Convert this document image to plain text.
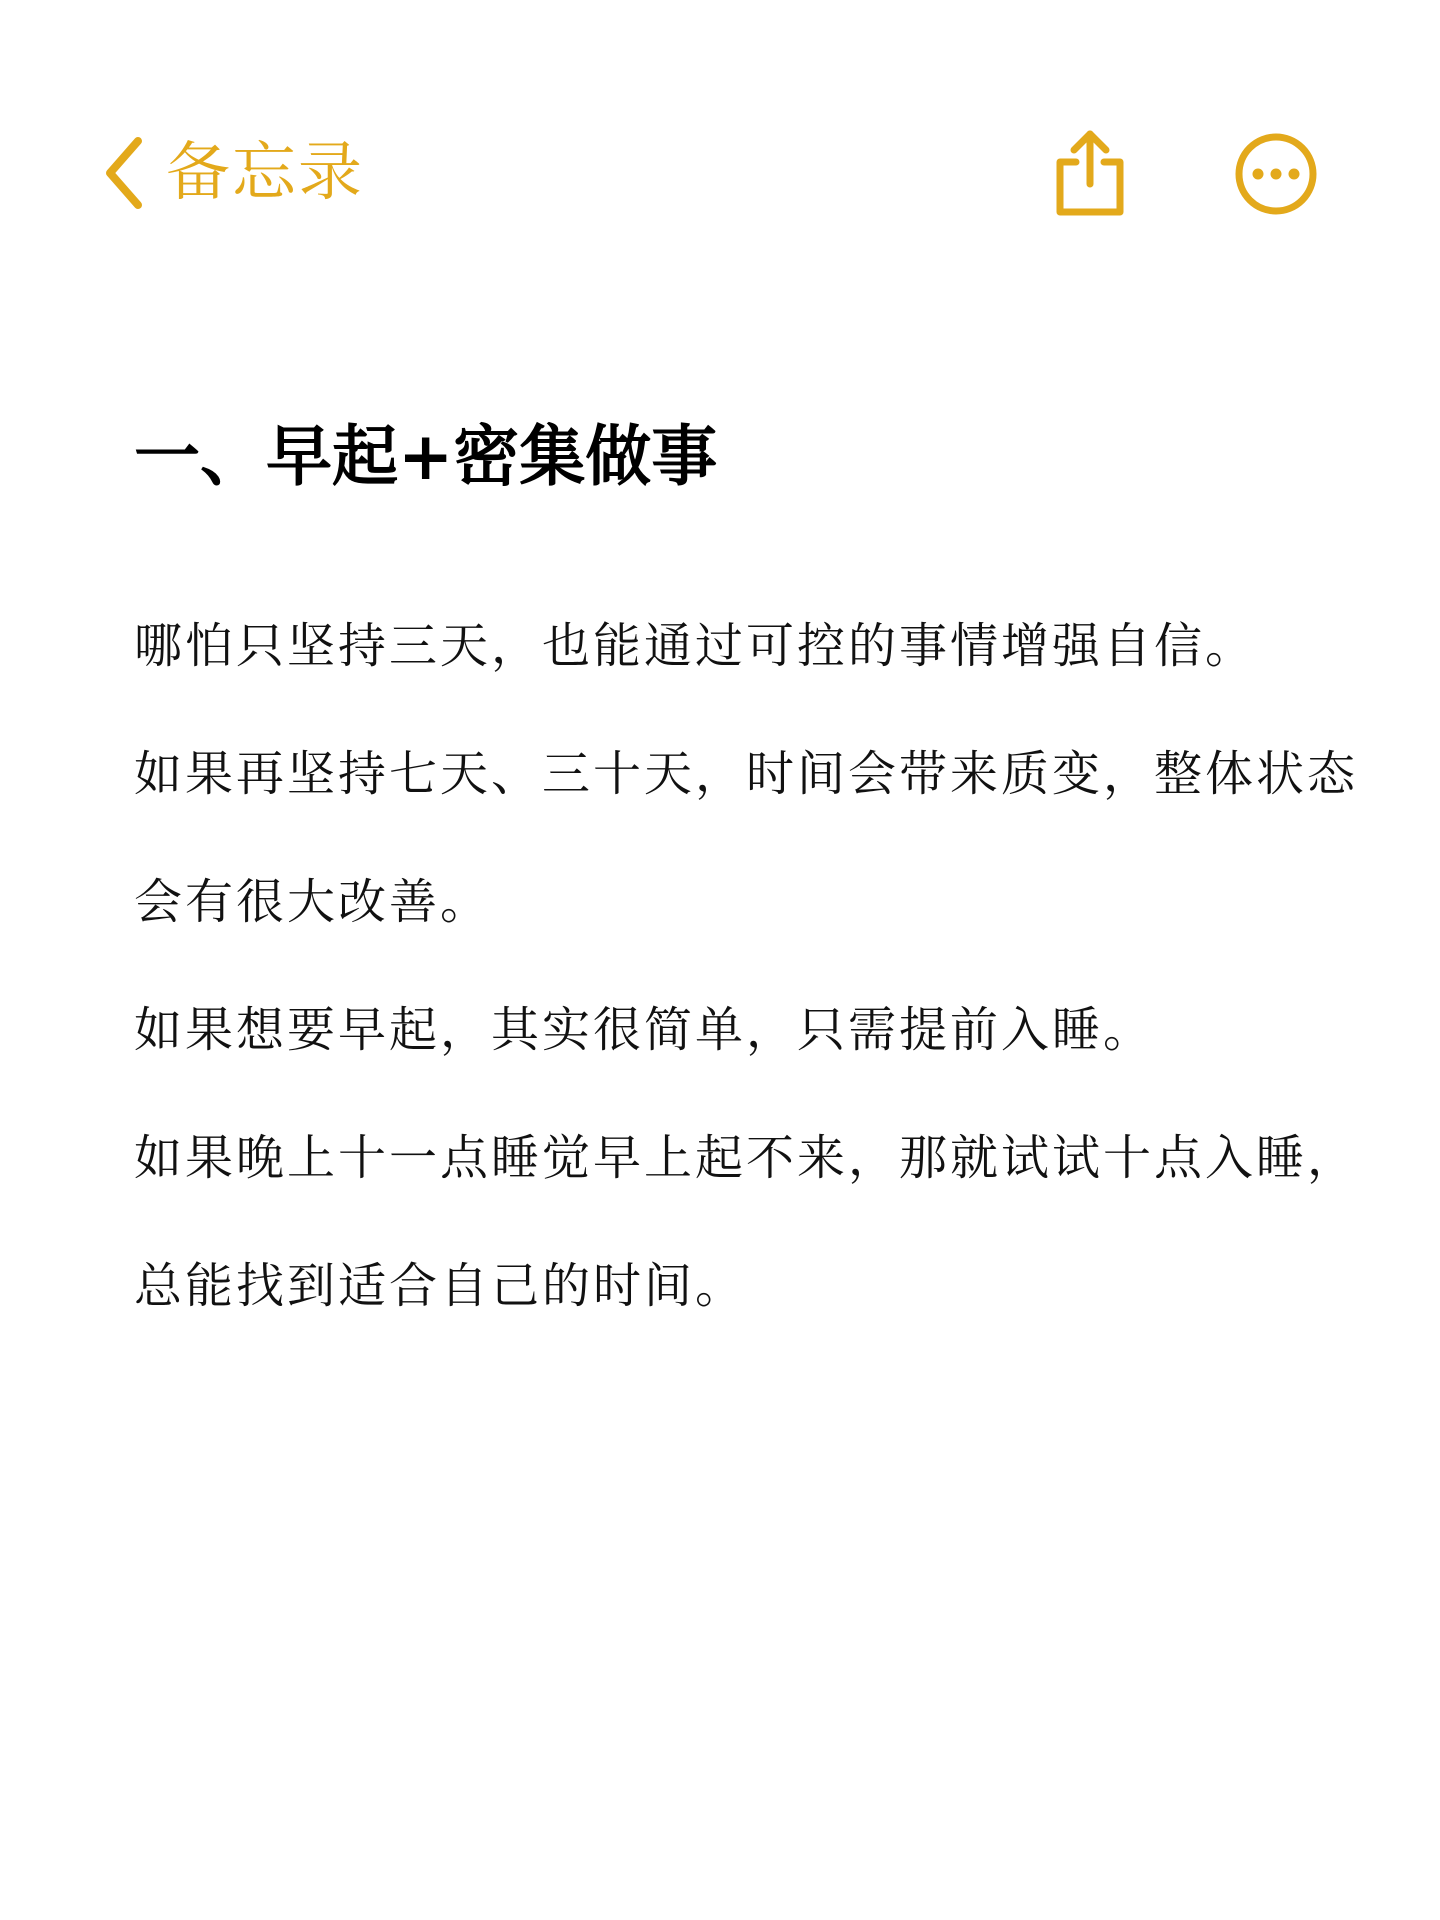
备忘录
一、早起+密集做事

哪怕只坚持三天，也能通过可控的事情增强自信。

如果再坚持七天、三十天，时间会带来质变，整体状态会有很大改善。

如果想要早起，其实很简单，只需提前入睡。

如果晚上十一点睡觉早上起不来，那就试试十点入睡，总能找到适合自己的时间。
